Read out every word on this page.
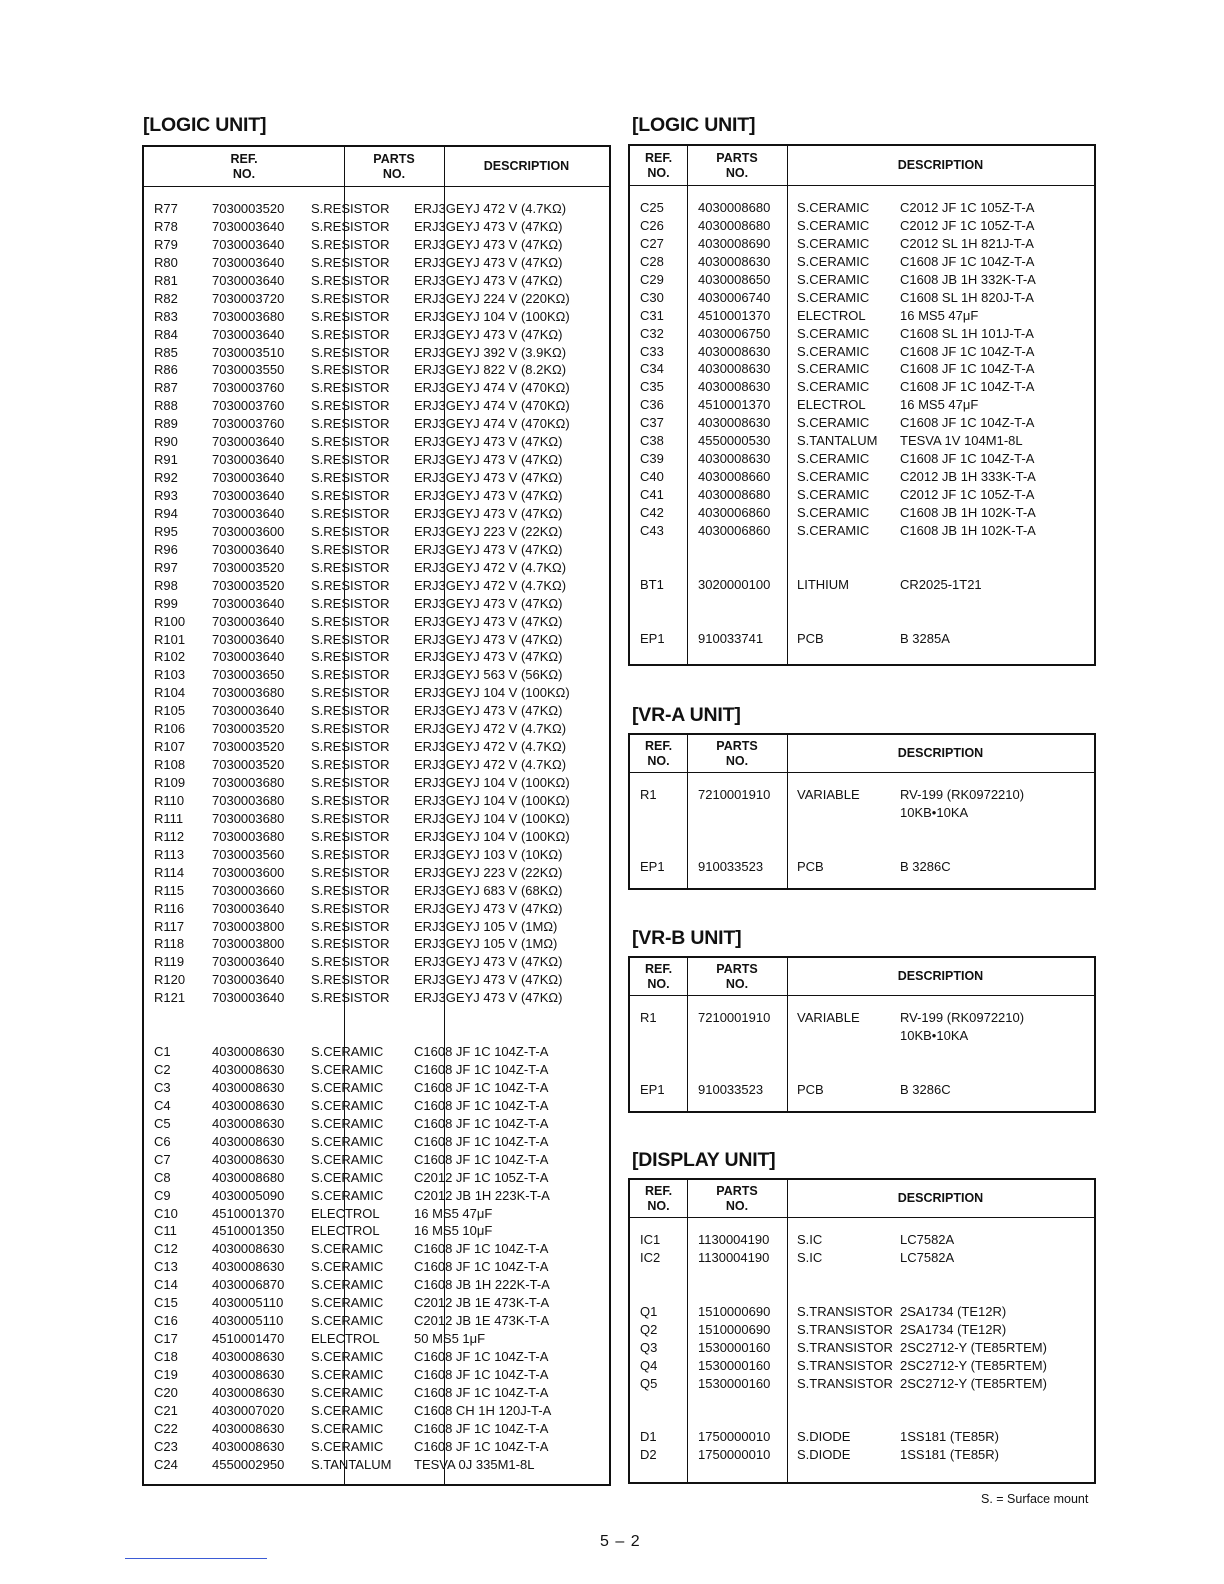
[LOGIC UNIT]
REF.
NO.
PARTS
NO.
DESCRIPTION
R77	7030003520 S.RESISTOR ERJ3GEYJ 472 V (4.7KΩ)
R78	7030003640 S.RESISTOR ERJ3GEYJ 473 V (47KΩ)
R79	7030003640 S.RESISTOR ERJ3GEYJ 473 V (47KΩ)
R80	7030003640 S.RESISTOR ERJ3GEYJ 473 V (47KΩ)
R81	7030003640 S.RESISTOR ERJ3GEYJ 473 V (47KΩ)
R82	7030003720 S.RESISTOR ERJ3GEYJ 224 V (220KΩ)
R83	7030003680 S.RESISTOR ERJ3GEYJ 104 V (100KΩ)
R84	7030003640 S.RESISTOR ERJ3GEYJ 473 V (47KΩ)
R85	7030003510 S.RESISTOR ERJ3GEYJ 392 V (3.9KΩ)
R86	7030003550 S.RESISTOR ERJ3GEYJ 822 V (8.2KΩ)
R87	7030003760 S.RESISTOR ERJ3GEYJ 474 V (470KΩ)
R88	7030003760 S.RESISTOR ERJ3GEYJ 474 V (470KΩ)
R89	7030003760 S.RESISTOR ERJ3GEYJ 474 V (470KΩ)
R90	7030003640 S.RESISTOR ERJ3GEYJ 473 V (47KΩ)
R91	7030003640 S.RESISTOR ERJ3GEYJ 473 V (47KΩ)
R92	7030003640 S.RESISTOR ERJ3GEYJ 473 V (47KΩ)
R93	7030003640 S.RESISTOR ERJ3GEYJ 473 V (47KΩ)
R94	7030003640 S.RESISTOR ERJ3GEYJ 473 V (47KΩ)
R95	7030003600 S.RESISTOR ERJ3GEYJ 223 V (22KΩ)
R96	7030003640 S.RESISTOR ERJ3GEYJ 473 V (47KΩ)
R97	7030003520 S.RESISTOR ERJ3GEYJ 472 V (4.7KΩ)
R98	7030003520 S.RESISTOR ERJ3GEYJ 472 V (4.7KΩ)
R99	7030003640 S.RESISTOR ERJ3GEYJ 473 V (47KΩ)
R100 7030003640 S.RESISTOR ERJ3GEYJ 473 V (47KΩ)
R101 7030003640 S.RESISTOR ERJ3GEYJ 473 V (47KΩ)
R102 7030003640 S.RESISTOR ERJ3GEYJ 473 V (47KΩ)
R103 7030003650 S.RESISTOR ERJ3GEYJ 563 V (56KΩ)
R104 7030003680 S.RESISTOR ERJ3GEYJ 104 V (100KΩ)
R105 7030003640 S.RESISTOR ERJ3GEYJ 473 V (47KΩ)
R106 7030003520 S.RESISTOR ERJ3GEYJ 472 V (4.7KΩ)
R107 7030003520 S.RESISTOR ERJ3GEYJ 472 V (4.7KΩ)
R108 7030003520 S.RESISTOR ERJ3GEYJ 472 V (4.7KΩ)
R109 7030003680 S.RESISTOR ERJ3GEYJ 104 V (100KΩ)
R110 7030003680 S.RESISTOR ERJ3GEYJ 104 V (100KΩ)
R111 7030003680 S.RESISTOR ERJ3GEYJ 104 V (100KΩ)
R112 7030003680 S.RESISTOR ERJ3GEYJ 104 V (100KΩ)
R113 7030003560 S.RESISTOR ERJ3GEYJ 103 V (10KΩ)
R114 7030003600 S.RESISTOR ERJ3GEYJ 223 V (22KΩ)
R115 7030003660 S.RESISTOR ERJ3GEYJ 683 V (68KΩ)
R116 7030003640 S.RESISTOR ERJ3GEYJ 473 V (47KΩ)
R117 7030003800 S.RESISTOR ERJ3GEYJ 105 V (1MΩ)
R118 7030003800 S.RESISTOR ERJ3GEYJ 105 V (1MΩ)
R119 7030003640 S.RESISTOR ERJ3GEYJ 473 V (47KΩ)
R120 7030003640 S.RESISTOR ERJ3GEYJ 473 V (47KΩ)
R121 7030003640 S.RESISTOR ERJ3GEYJ 473 V (47KΩ)
C1	4030008630 S.CERAMIC C1608 JF 1C 104Z-T-A
C2	4030008630 S.CERAMIC C1608 JF 1C 104Z-T-A
C3	4030008630 S.CERAMIC C1608 JF 1C 104Z-T-A
C4	4030008630 S.CERAMIC C1608 JF 1C 104Z-T-A
C5	4030008630 S.CERAMIC C1608 JF 1C 104Z-T-A
C6	4030008630 S.CERAMIC C1608 JF 1C 104Z-T-A
C7	4030008630 S.CERAMIC C1608 JF 1C 104Z-T-A
C8	4030008680 S.CERAMIC C2012 JF 1C 105Z-T-A
C9	4030005090 S.CERAMIC C2012 JB 1H 223K-T-A
C10	4510001370 ELECTROL	16 MS5 47μF
C11	4510001350 ELECTROL	16 MS5 10μF
C12	4030008630 S.CERAMIC C1608 JF 1C 104Z-T-A
C13	4030008630 S.CERAMIC C1608 JF 1C 104Z-T-A
C14	4030006870 S.CERAMIC C1608 JB 1H 222K-T-A
C15	4030005110 S.CERAMIC C2012 JB 1E 473K-T-A
C16	4030005110 S.CERAMIC C2012 JB 1E 473K-T-A
C17	4510001470 ELECTROL	50 MS5 1μF
C18	4030008630 S.CERAMIC C1608 JF 1C 104Z-T-A
C19	4030008630 S.CERAMIC C1608 JF 1C 104Z-T-A
C20	4030008630 S.CERAMIC C1608 JF 1C 104Z-T-A
C21	4030007020 S.CERAMIC C1608 CH 1H 120J-T-A
C22	4030008630 S.CERAMIC C1608 JF 1C 104Z-T-A
C23	4030008630 S.CERAMIC C1608 JF 1C 104Z-T-A
C24	4550002950 S.TANTALUM TESVA 0J 335M1-8L
[LOGIC UNIT]
REF.
NO.
PARTS
NO.
DESCRIPTION
C25	4030008680 S.CERAMIC C2012 JF 1C 105Z-T-A
C26	4030008680 S.CERAMIC C2012 JF 1C 105Z-T-A
C27	4030008690 S.CERAMIC C2012 SL 1H 821J-T-A
C28	4030008630 S.CERAMIC C1608 JF 1C 104Z-T-A
C29	4030008650 S.CERAMIC C1608 JB 1H 332K-T-A
C30	4030006740 S.CERAMIC C1608 SL 1H 820J-T-A
C31	4510001370 ELECTROL	16 MS5 47μF
C32	4030006750 S.CERAMIC C1608 SL 1H 101J-T-A
C33	4030008630 S.CERAMIC C1608 JF 1C 104Z-T-A
C34	4030008630 S.CERAMIC C1608 JF 1C 104Z-T-A
C35	4030008630 S.CERAMIC C1608 JF 1C 104Z-T-A
C36	4510001370 ELECTROL	16 MS5 47μF
C37	4030008630 S.CERAMIC C1608 JF 1C 104Z-T-A
C38	4550000530 S.TANTALUM TESVA 1V 104M1-8L
C39	4030008630 S.CERAMIC C1608 JF 1C 104Z-T-A
C40	4030008660 S.CERAMIC C2012 JB 1H 333K-T-A
C41	4030008680 S.CERAMIC C2012 JF 1C 105Z-T-A
C42	4030006860 S.CERAMIC C1608 JB 1H 102K-T-A
C43	4030006860 S.CERAMIC C1608 JB 1H 102K-T-A
BT1	3020000100 LITHIUM	CR2025-1T21
EP1	910033741	PCB	B 3285A
[VR-A UNIT]
REF.
NO.
PARTS
NO.
DESCRIPTION
R1	7210001910 VARIABLE	RV-199 (RK0972210)
10KB•10KA
EP1	910033523	PCB	B 3286C
[VR-B UNIT]
REF.
NO.
PARTS
NO.
DESCRIPTION
R1	7210001910 VARIABLE	RV-199 (RK0972210)
10KB•10KA
EP1	910033523	PCB	B 3286C
[DISPLAY UNIT]
REF.
NO.
PARTS
NO.
DESCRIPTION
IC1	1130004190 S.IC	LC7582A
IC2	1130004190 S.IC	LC7582A
Q1	1510000690 S.TRANSISTOR 2SA1734 (TE12R)
Q2	1510000690 S.TRANSISTOR 2SA1734 (TE12R)
Q3	1530000160 S.TRANSISTOR 2SC2712-Y (TE85RTEM)
Q4	1530000160 S.TRANSISTOR 2SC2712-Y (TE85RTEM)
Q5	1530000160 S.TRANSISTOR 2SC2712-Y (TE85RTEM)
D1	1750000010 S.DIODE	1SS181 (TE85R)
D2	1750000010 S.DIODE	1SS181 (TE85R)
S. = Surface mount
5 – 2
